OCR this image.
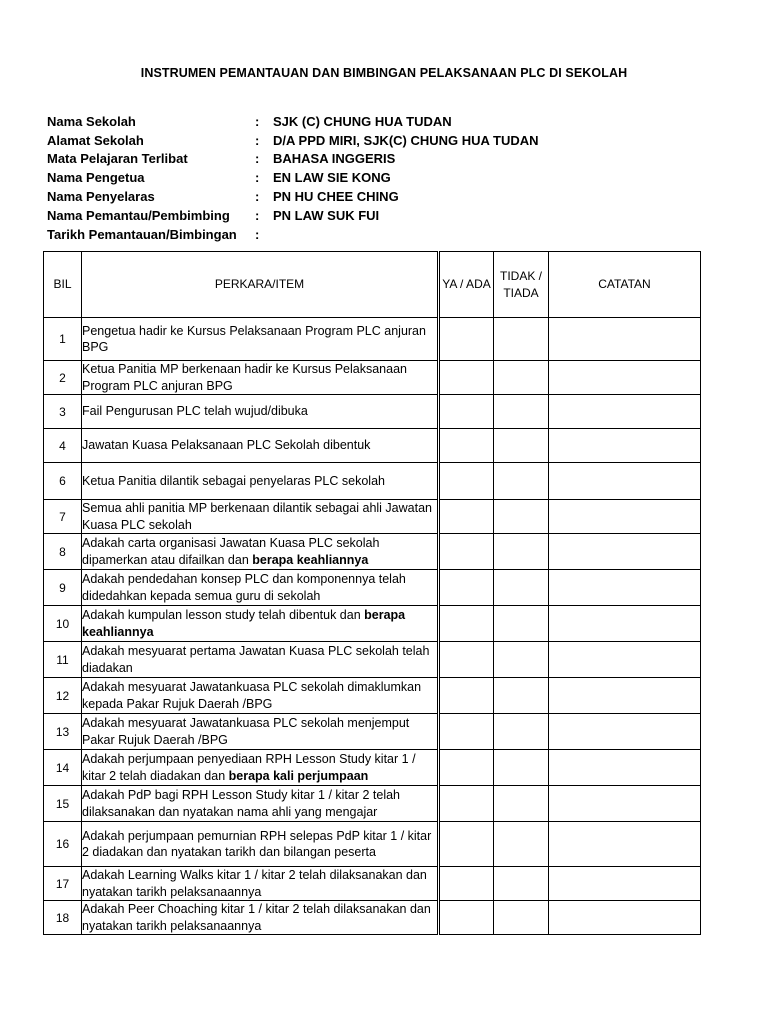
INSTRUMEN PEMANTAUAN DAN BIMBINGAN PELAKSANAAN PLC DI SEKOLAH
Nama Sekolah	:	SJK (C) CHUNG HUA TUDAN
Alamat Sekolah	:	D/A PPD MIRI, SJK(C) CHUNG HUA TUDAN
Mata Pelajaran Terlibat	:	BAHASA INGGERIS
Nama Pengetua	:	EN LAW SIE KONG
Nama Penyelaras	:	PN HU CHEE CHING
Nama Pemantau/Pembimbing	:	PN LAW SUK FUI
Tarikh Pemantauan/Bimbingan	:
BIL	PERKARA/ITEM	YA / ADA	TIDAK / TIADA	CATATAN
1	Pengetua hadir ke Kursus Pelaksanaan Program PLC anjuran BPG			
2	Ketua Panitia MP berkenaan hadir ke Kursus Pelaksanaan Program PLC anjuran BPG			
3	Fail Pengurusan PLC telah wujud/dibuka			
4	Jawatan Kuasa Pelaksanaan PLC Sekolah dibentuk			
6	Ketua Panitia dilantik sebagai penyelaras PLC sekolah			
7	Semua ahli panitia MP berkenaan dilantik sebagai ahli Jawatan Kuasa PLC sekolah			
8	Adakah carta organisasi Jawatan Kuasa PLC sekolah dipamerkan atau difailkan dan berapa keahliannya			
9	Adakah pendedahan konsep PLC dan komponennya telah didedahkan kepada semua guru di sekolah			
10	Adakah kumpulan lesson study telah dibentuk dan berapa keahliannya			
11	Adakah mesyuarat pertama Jawatan Kuasa PLC sekolah telah diadakan			
12	Adakah mesyuarat Jawatankuasa PLC sekolah dimaklumkan kepada Pakar Rujuk Daerah /BPG			
13	Adakah mesyuarat Jawatankuasa PLC sekolah menjemput Pakar Rujuk Daerah /BPG			
14	Adakah perjumpaan penyediaan RPH Lesson Study kitar 1 / kitar 2 telah diadakan dan berapa kali perjumpaan			
15	Adakah PdP bagi RPH Lesson Study kitar 1 / kitar 2 telah dilaksanakan dan nyatakan nama ahli yang mengajar			
16	Adakah perjumpaan pemurnian RPH selepas PdP kitar 1 / kitar 2 diadakan dan nyatakan tarikh dan bilangan peserta			
17	Adakah Learning Walks kitar 1 / kitar 2 telah dilaksanakan dan nyatakan tarikh pelaksanaannya			
18	Adakah Peer Choaching kitar 1 / kitar 2 telah dilaksanakan dan nyatakan tarikh pelaksanaannya			
